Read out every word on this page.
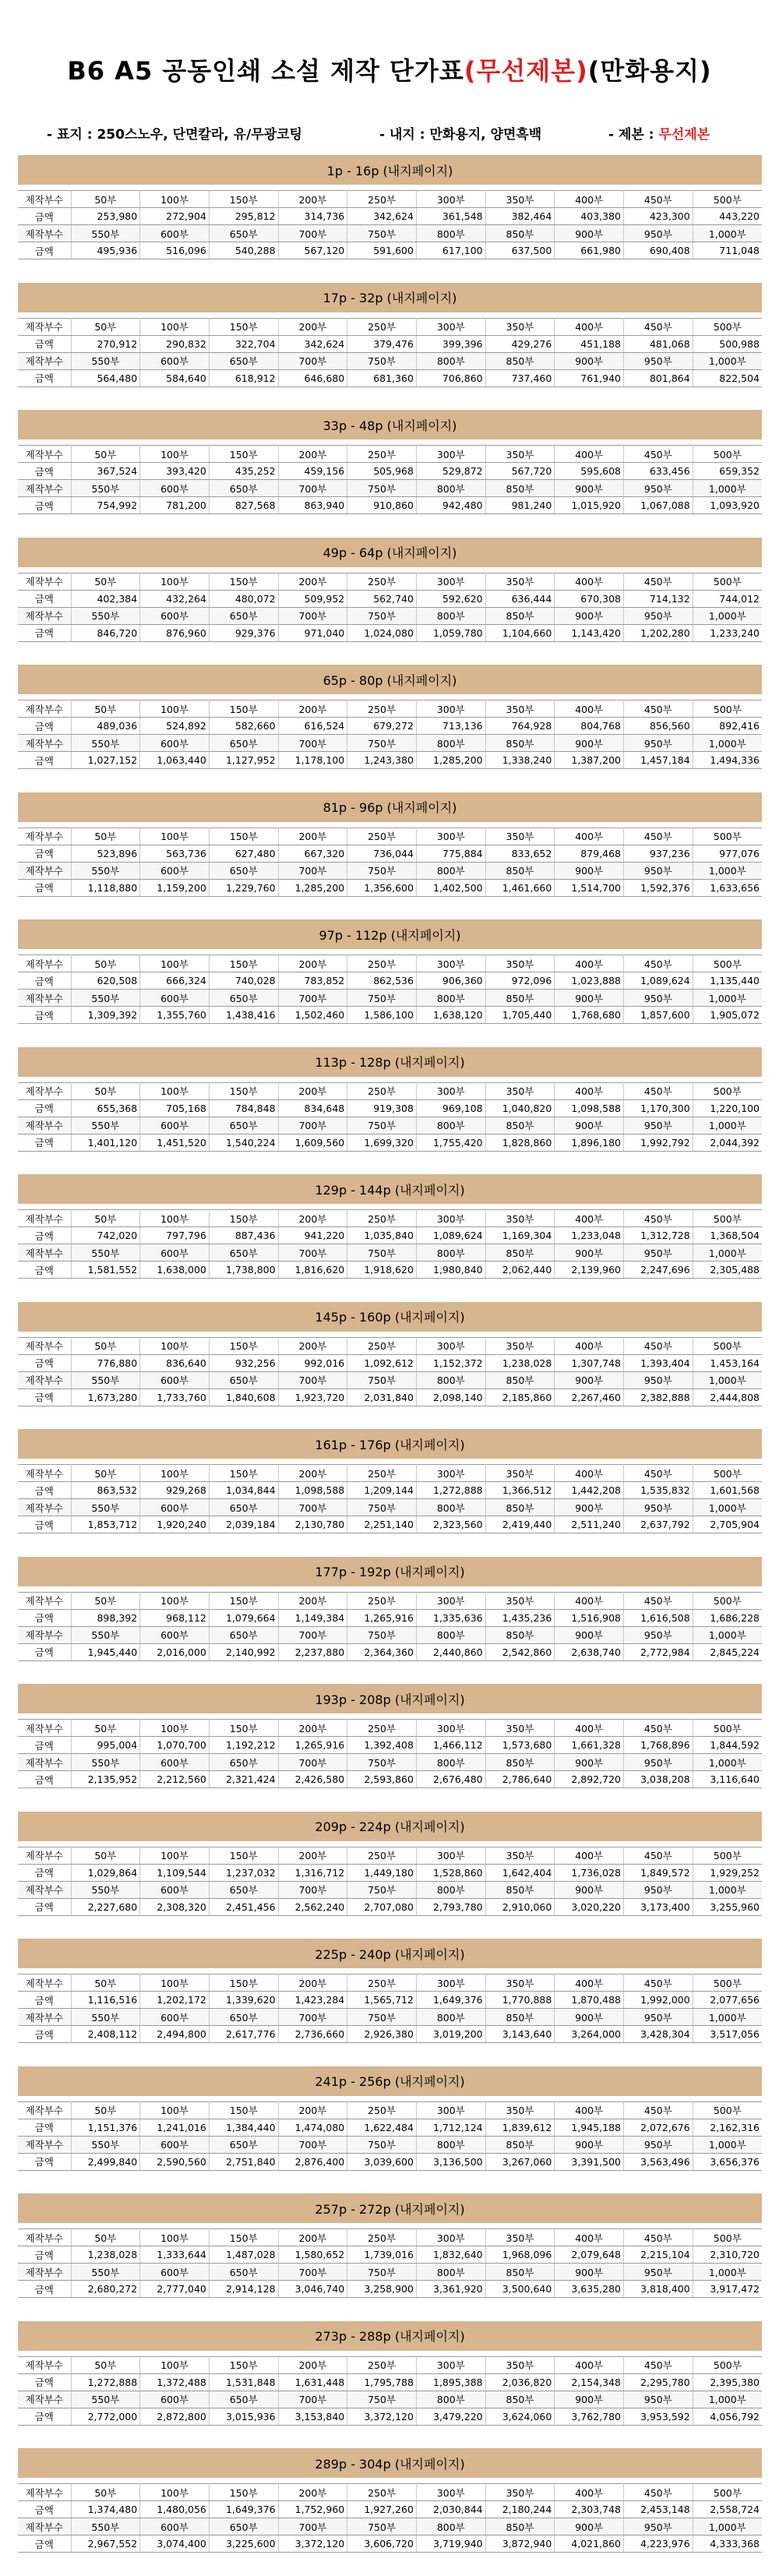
B6 A5 공동인쇄 소설 제작 단가표(무선제본)(만화용지)
- 표지 : 250스노우, 단면칼라, 유/무광코팅	- 내지 : 만화용지, 양면흑백	- 제본 : 무선제본
1p - 16p (내지페이지)
제작부수	50부	100부	150부	200부	250부	300부	350부	400부	450부	500부
금액	253,980	272,904	295,812	314,736	342,624	361,548	382,464	403,380	423,300	443,220
제작부수	550부	600부	650부	700부	750부	800부	850부	900부	950부	1,000부
금액	495,936	516,096	540,288	567,120	591,600	617,100	637,500	661,980	690,408	711,048
17p - 32p (내지페이지)
제작부수	50부	100부	150부	200부	250부	300부	350부	400부	450부	500부
금액	270,912	290,832	322,704	342,624	379,476	399,396	429,276	451,188	481,068	500,988
제작부수	550부	600부	650부	700부	750부	800부	850부	900부	950부	1,000부
금액	564,480	584,640	618,912	646,680	681,360	706,860	737,460	761,940	801,864	822,504
33p - 48p (내지페이지)
제작부수	50부	100부	150부	200부	250부	300부	350부	400부	450부	500부
금액	367,524	393,420	435,252	459,156	505,968	529,872	567,720	595,608	633,456	659,352
제작부수	550부	600부	650부	700부	750부	800부	850부	900부	950부	1,000부
금액	754,992	781,200	827,568	863,940	910,860	942,480	981,240	1,015,920	1,067,088	1,093,920
49p - 64p (내지페이지)
제작부수	50부	100부	150부	200부	250부	300부	350부	400부	450부	500부
금액	402,384	432,264	480,072	509,952	562,740	592,620	636,444	670,308	714,132	744,012
제작부수	550부	600부	650부	700부	750부	800부	850부	900부	950부	1,000부
금액	846,720	876,960	929,376	971,040	1,024,080	1,059,780	1,104,660	1,143,420	1,202,280	1,233,240
65p - 80p (내지페이지)
제작부수	50부	100부	150부	200부	250부	300부	350부	400부	450부	500부
금액	489,036	524,892	582,660	616,524	679,272	713,136	764,928	804,768	856,560	892,416
제작부수	550부	600부	650부	700부	750부	800부	850부	900부	950부	1,000부
금액	1,027,152	1,063,440	1,127,952	1,178,100	1,243,380	1,285,200	1,338,240	1,387,200	1,457,184	1,494,336
81p - 96p (내지페이지)
제작부수	50부	100부	150부	200부	250부	300부	350부	400부	450부	500부
금액	523,896	563,736	627,480	667,320	736,044	775,884	833,652	879,468	937,236	977,076
제작부수	550부	600부	650부	700부	750부	800부	850부	900부	950부	1,000부
금액	1,118,880	1,159,200	1,229,760	1,285,200	1,356,600	1,402,500	1,461,660	1,514,700	1,592,376	1,633,656
97p - 112p (내지페이지)
제작부수	50부	100부	150부	200부	250부	300부	350부	400부	450부	500부
금액	620,508	666,324	740,028	783,852	862,536	906,360	972,096	1,023,888	1,089,624	1,135,440
제작부수	550부	600부	650부	700부	750부	800부	850부	900부	950부	1,000부
금액	1,309,392	1,355,760	1,438,416	1,502,460	1,586,100	1,638,120	1,705,440	1,768,680	1,857,600	1,905,072
113p - 128p (내지페이지)
제작부수	50부	100부	150부	200부	250부	300부	350부	400부	450부	500부
금액	655,368	705,168	784,848	834,648	919,308	969,108	1,040,820	1,098,588	1,170,300	1,220,100
제작부수	550부	600부	650부	700부	750부	800부	850부	900부	950부	1,000부
금액	1,401,120	1,451,520	1,540,224	1,609,560	1,699,320	1,755,420	1,828,860	1,896,180	1,992,792	2,044,392
129p - 144p (내지페이지)
제작부수	50부	100부	150부	200부	250부	300부	350부	400부	450부	500부
금액	742,020	797,796	887,436	941,220	1,035,840	1,089,624	1,169,304	1,233,048	1,312,728	1,368,504
제작부수	550부	600부	650부	700부	750부	800부	850부	900부	950부	1,000부
금액	1,581,552	1,638,000	1,738,800	1,816,620	1,918,620	1,980,840	2,062,440	2,139,960	2,247,696	2,305,488
145p - 160p (내지페이지)
제작부수	50부	100부	150부	200부	250부	300부	350부	400부	450부	500부
금액	776,880	836,640	932,256	992,016	1,092,612	1,152,372	1,238,028	1,307,748	1,393,404	1,453,164
제작부수	550부	600부	650부	700부	750부	800부	850부	900부	950부	1,000부
금액	1,673,280	1,733,760	1,840,608	1,923,720	2,031,840	2,098,140	2,185,860	2,267,460	2,382,888	2,444,808
161p - 176p (내지페이지)
제작부수	50부	100부	150부	200부	250부	300부	350부	400부	450부	500부
금액	863,532	929,268	1,034,844	1,098,588	1,209,144	1,272,888	1,366,512	1,442,208	1,535,832	1,601,568
제작부수	550부	600부	650부	700부	750부	800부	850부	900부	950부	1,000부
금액	1,853,712	1,920,240	2,039,184	2,130,780	2,251,140	2,323,560	2,419,440	2,511,240	2,637,792	2,705,904
177p - 192p (내지페이지)
제작부수	50부	100부	150부	200부	250부	300부	350부	400부	450부	500부
금액	898,392	968,112	1,079,664	1,149,384	1,265,916	1,335,636	1,435,236	1,516,908	1,616,508	1,686,228
제작부수	550부	600부	650부	700부	750부	800부	850부	900부	950부	1,000부
금액	1,945,440	2,016,000	2,140,992	2,237,880	2,364,360	2,440,860	2,542,860	2,638,740	2,772,984	2,845,224
193p - 208p (내지페이지)
제작부수	50부	100부	150부	200부	250부	300부	350부	400부	450부	500부
금액	995,004	1,070,700	1,192,212	1,265,916	1,392,408	1,466,112	1,573,680	1,661,328	1,768,896	1,844,592
제작부수	550부	600부	650부	700부	750부	800부	850부	900부	950부	1,000부
금액	2,135,952	2,212,560	2,321,424	2,426,580	2,593,860	2,676,480	2,786,640	2,892,720	3,038,208	3,116,640
209p - 224p (내지페이지)
제작부수	50부	100부	150부	200부	250부	300부	350부	400부	450부	500부
금액	1,029,864	1,109,544	1,237,032	1,316,712	1,449,180	1,528,860	1,642,404	1,736,028	1,849,572	1,929,252
제작부수	550부	600부	650부	700부	750부	800부	850부	900부	950부	1,000부
금액	2,227,680	2,308,320	2,451,456	2,562,240	2,707,080	2,793,780	2,910,060	3,020,220	3,173,400	3,255,960
225p - 240p (내지페이지)
제작부수	50부	100부	150부	200부	250부	300부	350부	400부	450부	500부
금액	1,116,516	1,202,172	1,339,620	1,423,284	1,565,712	1,649,376	1,770,888	1,870,488	1,992,000	2,077,656
제작부수	550부	600부	650부	700부	750부	800부	850부	900부	950부	1,000부
금액	2,408,112	2,494,800	2,617,776	2,736,660	2,926,380	3,019,200	3,143,640	3,264,000	3,428,304	3,517,056
241p - 256p (내지페이지)
제작부수	50부	100부	150부	200부	250부	300부	350부	400부	450부	500부
금액	1,151,376	1,241,016	1,384,440	1,474,080	1,622,484	1,712,124	1,839,612	1,945,188	2,072,676	2,162,316
제작부수	550부	600부	650부	700부	750부	800부	850부	900부	950부	1,000부
금액	2,499,840	2,590,560	2,751,840	2,876,400	3,039,600	3,136,500	3,267,060	3,391,500	3,563,496	3,656,376
257p - 272p (내지페이지)
제작부수	50부	100부	150부	200부	250부	300부	350부	400부	450부	500부
금액	1,238,028	1,333,644	1,487,028	1,580,652	1,739,016	1,832,640	1,968,096	2,079,648	2,215,104	2,310,720
제작부수	550부	600부	650부	700부	750부	800부	850부	900부	950부	1,000부
금액	2,680,272	2,777,040	2,914,128	3,046,740	3,258,900	3,361,920	3,500,640	3,635,280	3,818,400	3,917,472
273p - 288p (내지페이지)
제작부수	50부	100부	150부	200부	250부	300부	350부	400부	450부	500부
금액	1,272,888	1,372,488	1,531,848	1,631,448	1,795,788	1,895,388	2,036,820	2,154,348	2,295,780	2,395,380
제작부수	550부	600부	650부	700부	750부	800부	850부	900부	950부	1,000부
금액	2,772,000	2,872,800	3,015,936	3,153,840	3,372,120	3,479,220	3,624,060	3,762,780	3,953,592	4,056,792
289p - 304p (내지페이지)
제작부수	50부	100부	150부	200부	250부	300부	350부	400부	450부	500부
금액	1,374,480	1,480,056	1,649,376	1,752,960	1,927,260	2,030,844	2,180,244	2,303,748	2,453,148	2,558,724
제작부수	550부	600부	650부	700부	750부	800부	850부	900부	950부	1,000부
금액	2,967,552	3,074,400	3,225,600	3,372,120	3,606,720	3,719,940	3,872,940	4,021,860	4,223,976	4,333,368
